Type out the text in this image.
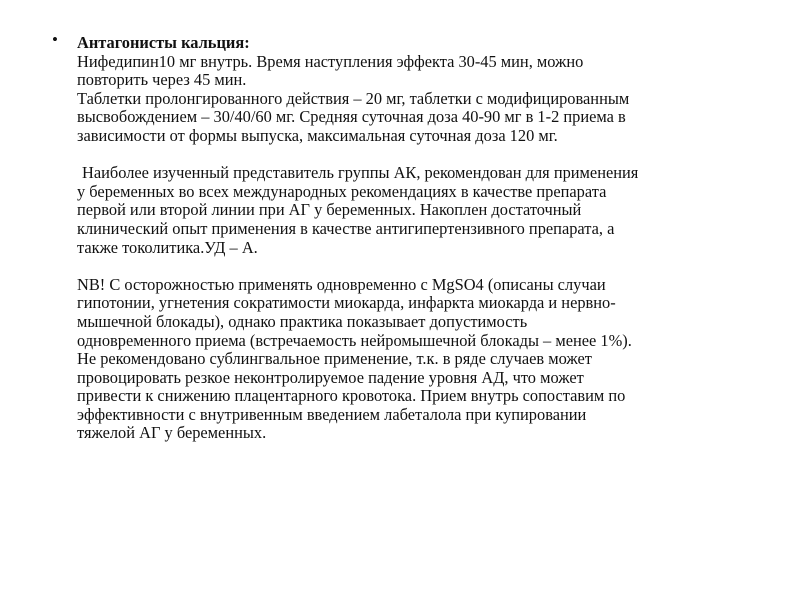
• Антагонисты кальция:
Нифедипин10 мг внутрь. Время наступления эффекта 30-45 мин, можно
повторить через 45 мин.
Таблетки пролонгированного действия – 20 мг, таблетки с модифицированным
высвобождением – 30/40/60 мг. Средняя суточная доза 40-90 мг в 1-2 приема в
зависимости от формы выпуска, максимальная суточная доза 120 мг.
Наиболее изученный представитель группы АК, рекомендован для применения
у беременных во всех международных рекомендациях в качестве препарата
первой или второй линии при АГ у беременных. Накоплен достаточный
клинический опыт применения в качестве антигипертензивного препарата, а
также токолитика.УД – А.
NB! С осторожностью применять одновременно с MgSO4 (описаны случаи
гипотонии, угнетения сократимости миокарда, инфаркта миокарда и нервно-
мышечной блокады), однако практика показывает допустимость
одновременного приема (встречаемость нейромышечной блокады – менее 1%).
Не рекомендовано сублингвальное применение, т.к. в ряде случаев может
провоцировать резкое неконтролируемое падение уровня АД, что может
привести к снижению плацентарного кровотока. Прием внутрь сопоставим по
эффективности с внутривенным введением лабеталола при купировании
тяжелой АГ у беременных.
